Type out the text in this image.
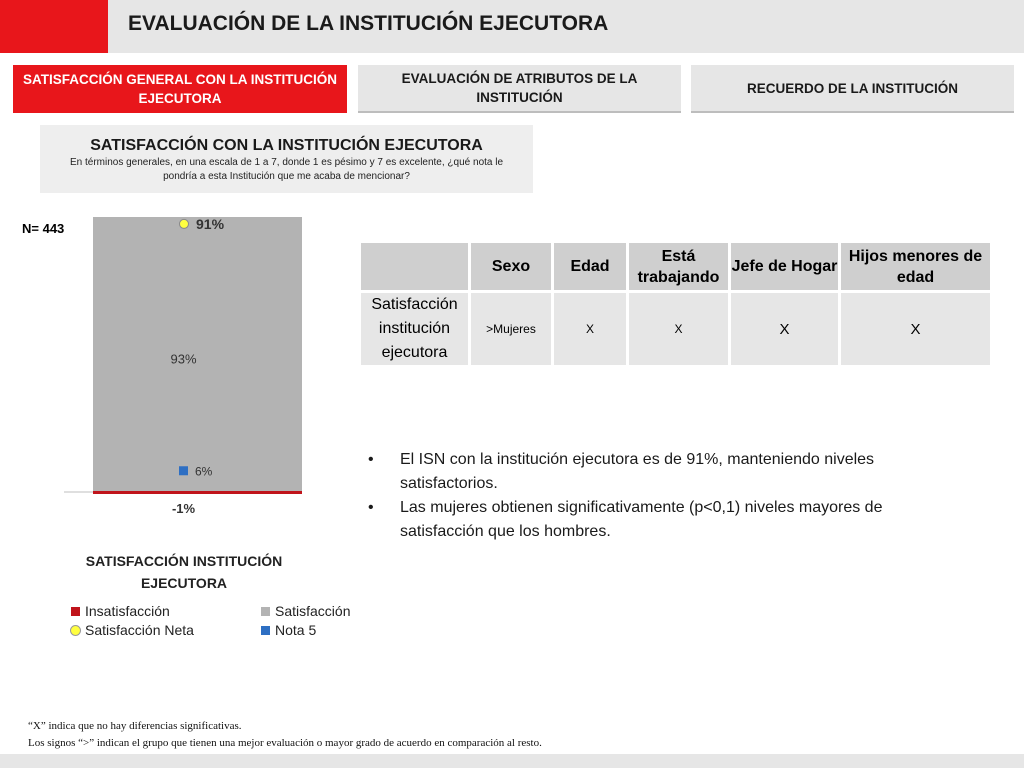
EVALUACIÓN DE LA INSTITUCIÓN EJECUTORA
SATISFACCIÓN GENERAL CON LA INSTITUCIÓN EJECUTORA
EVALUACIÓN DE ATRIBUTOS DE LA INSTITUCIÓN
RECUERDO DE LA INSTITUCIÓN
SATISFACCIÓN CON LA INSTITUCIÓN EJECUTORA
En términos generales, en una escala de 1 a 7, donde 1 es pésimo y 7 es excelente, ¿qué nota le pondría a esta Institución que me acaba de mencionar?
N= 443
93%
-1%
91%
6%
SATISFACCIÓN INSTITUCIÓN EJECUTORA
Insatisfacción	Satisfacción
Satisfacción Neta	Nota 5
	Sexo	Edad	Está trabajando	Jefe de Hogar	Hijos menores de edad
Satisfacción institución ejecutora	>Mujeres	X	X	X	X
•	El ISN con la institución ejecutora es de 91%, manteniendo niveles satisfactorios.
•	Las mujeres obtienen significativamente (p<0,1) niveles mayores de satisfacción que los hombres.
“X” indica que no hay diferencias significativas.
Los signos “>” indican el grupo que tienen una mejor evaluación o mayor grado de acuerdo en comparación al resto.
